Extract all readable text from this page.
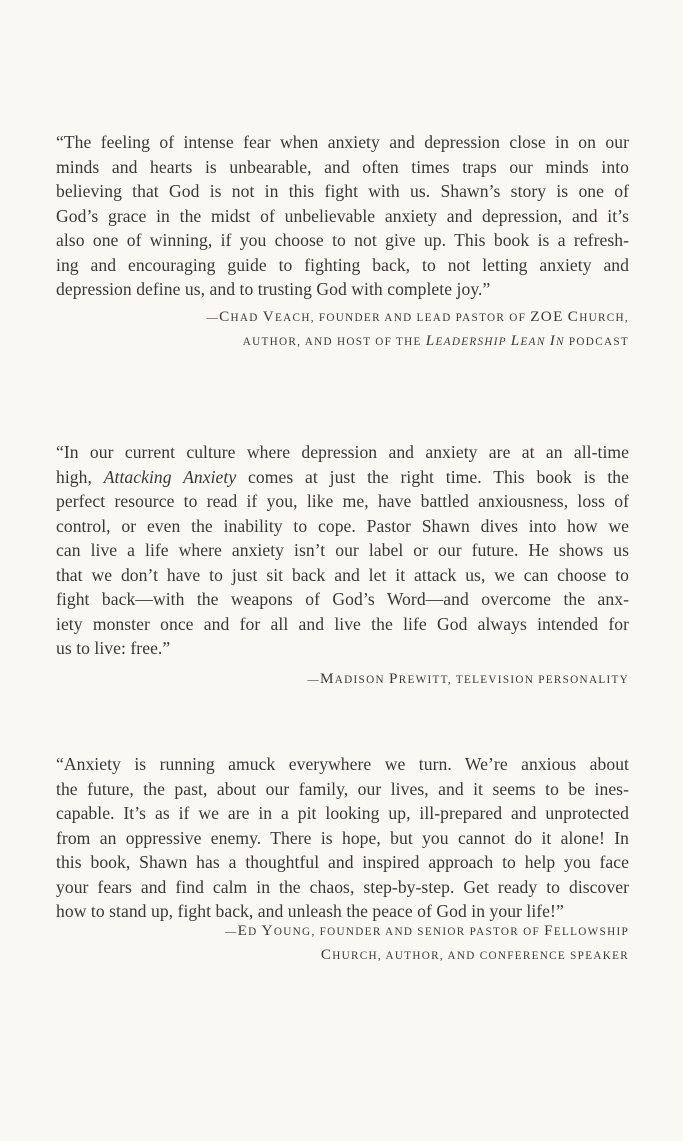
“The feeling of intense fear when anxiety and depression close in on our
minds and hearts is unbearable, and often times traps our minds into
believing that God is not in this fight with us. Shawn’s story is one of
God’s grace in the midst of unbelievable anxiety and depression, and it’s
also one of winning, if you choose to not give up. This book is a refresh-
ing and encouraging guide to fighting back, to not letting anxiety and
depression define us, and to trusting God with complete joy.”

—CHAD VEACH, FOUNDER AND LEAD PASTOR OF ZOE CHURCH,
AUTHOR, AND HOST OF THE LEADERSHIP LEAN IN PODCAST

“In our current culture where depression and anxiety are at an all-time
high, Attacking Anxiety comes at just the right time. This book is the
perfect resource to read if you, like me, have battled anxiousness, loss of
control, or even the inability to cope. Pastor Shawn dives into how we
can live a life where anxiety isn’t our label or our future. He shows us
that we don’t have to just sit back and let it attack us, we can choose to
fight back—with the weapons of God’s Word—and overcome the anx-
iety monster once and for all and live the life God always intended for
us to live: free.”

—MADISON PREWITT, TELEVISION PERSONALITY

“Anxiety is running amuck everywhere we turn. We’re anxious about
the future, the past, about our family, our lives, and it seems to be ines-
capable. It’s as if we are in a pit looking up, ill-prepared and unprotected
from an oppressive enemy. There is hope, but you cannot do it alone! In
this book, Shawn has a thoughtful and inspired approach to help you face
your fears and find calm in the chaos, step-by-step. Get ready to discover
how to stand up, fight back, and unleash the peace of God in your life!”

—ED YOUNG, FOUNDER AND SENIOR PASTOR OF FELLOWSHIP
CHURCH, AUTHOR, AND CONFERENCE SPEAKER
